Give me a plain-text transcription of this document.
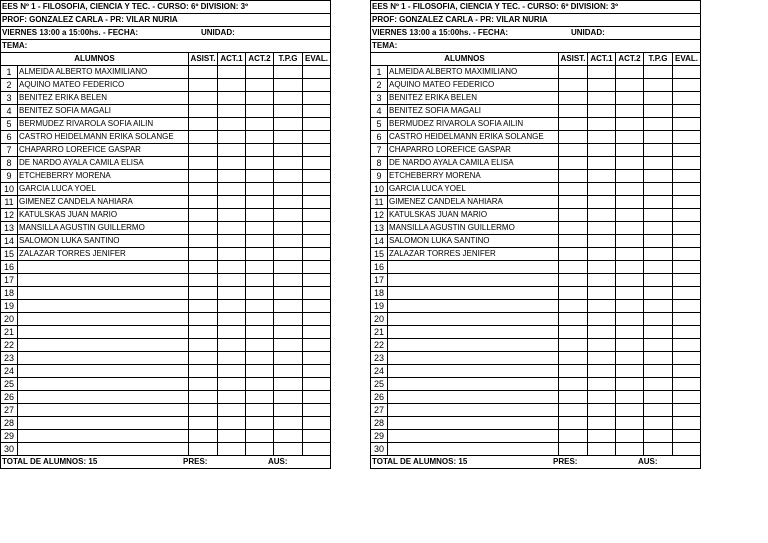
EES Nº 1 - FILOSOFIA, CIENCIA Y TEC. - CURSO: 6º DIVISION: 3º						
PROF: GONZALEZ CARLA - PR: VILAR NURIA						
VIERNES 13:00 a 15:00hs. - FECHA: UNIDAD:						

TEMA:						
ALUMNOS		ASIST.	ACT.1	ACT.2	T.P.G	EVAL.
1	ALMEIDA ALBERTO MAXIMILIANO					
2	AQUINO MATEO FEDERICO					
3	BENITEZ ERIKA BELEN					
4	BENITEZ SOFIA MAGALI					
5	BERMUDEZ RIVAROLA SOFIA AILIN					
6	CASTRO HEIDELMANN ERIKA SOLANGE					
7	CHAPARRO LOREFICE GASPAR					
8	DE NARDO AYALA CAMILA ELISA					
9	ETCHEBERRY MORENA					
10	GARCIA LUCA YOEL					
11	GIMENEZ CANDELA NAHIARA					
12	KATULSKAS JUAN MARIO					
13	MANSILLA AGUSTIN GUILLERMO					
14	SALOMON LUKA SANTINO					
15	ZALAZAR TORRES JENIFER					
16						
17						
18						
19						
20						
21						
22						
23						
24						
25						
26						
27						
28						
29						
30						
TOTAL DE ALUMNOS: 15 PRES: AUS:						
EES Nº 1 - FILOSOFIA, CIENCIA Y TEC. - CURSO: 6º DIVISION: 3º						
PROF: GONZALEZ CARLA - PR: VILAR NURIA						
VIERNES 13:00 a 15:00hs. - FECHA: UNIDAD:						

TEMA:						
ALUMNOS		ASIST.	ACT.1	ACT.2	T.P.G	EVAL.
1	ALMEIDA ALBERTO MAXIMILIANO					
2	AQUINO MATEO FEDERICO					
3	BENITEZ ERIKA BELEN					
4	BENITEZ SOFIA MAGALI					
5	BERMUDEZ RIVAROLA SOFIA AILIN					
6	CASTRO HEIDELMANN ERIKA SOLANGE					
7	CHAPARRO LOREFICE GASPAR					
8	DE NARDO AYALA CAMILA ELISA					
9	ETCHEBERRY MORENA					
10	GARCIA LUCA YOEL					
11	GIMENEZ CANDELA NAHIARA					
12	KATULSKAS JUAN MARIO					
13	MANSILLA AGUSTIN GUILLERMO					
14	SALOMON LUKA SANTINO					
15	ZALAZAR TORRES JENIFER					
16						
17						
18						
19						
20						
21						
22						
23						
24						
25						
26						
27						
28						
29						
30						
TOTAL DE ALUMNOS: 15 PRES: AUS:						
